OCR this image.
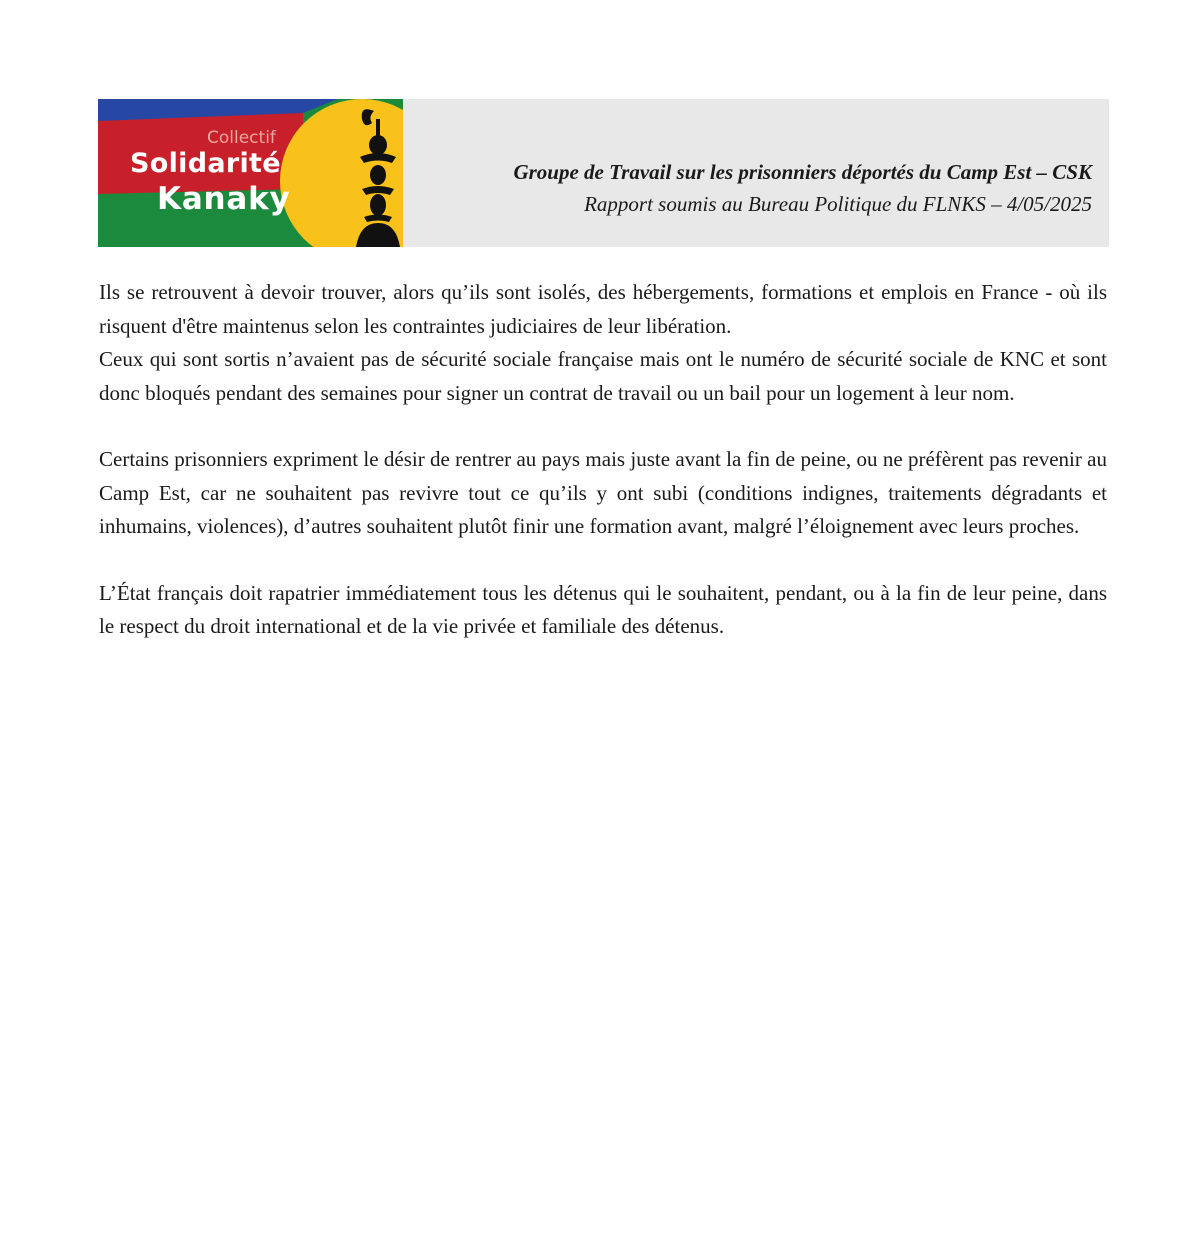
Collectif
Solidarité
Kanaky
Groupe de Travail sur les prisonniers déportés du Camp Est – CSK
Rapport soumis au Bureau Politique du FLNKS – 4/05/2025

Ils se retrouvent à devoir trouver, alors qu’ils sont isolés, des hébergements, formations et emplois en France - où ils risquent d'être maintenus selon les contraintes judiciaires de leur libération.

Ceux qui sont sortis n’avaient pas de sécurité sociale française mais ont le numéro de sécurité sociale de KNC et sont donc bloqués pendant des semaines pour signer un contrat de travail ou un bail pour un logement à leur nom.

Certains prisonniers expriment le désir de rentrer au pays mais juste avant la fin de peine, ou ne préfèrent pas revenir au Camp Est, car ne souhaitent pas revivre tout ce qu’ils y ont subi (conditions indignes, traitements dégradants et inhumains, violences), d’autres souhaitent plutôt finir une formation avant, malgré l’éloignement avec leurs proches.

L’État français doit rapatrier immédiatement tous les détenus qui le souhaitent, pendant, ou à la fin de leur peine, dans le respect du droit international et de la vie privée et familiale des détenus.
